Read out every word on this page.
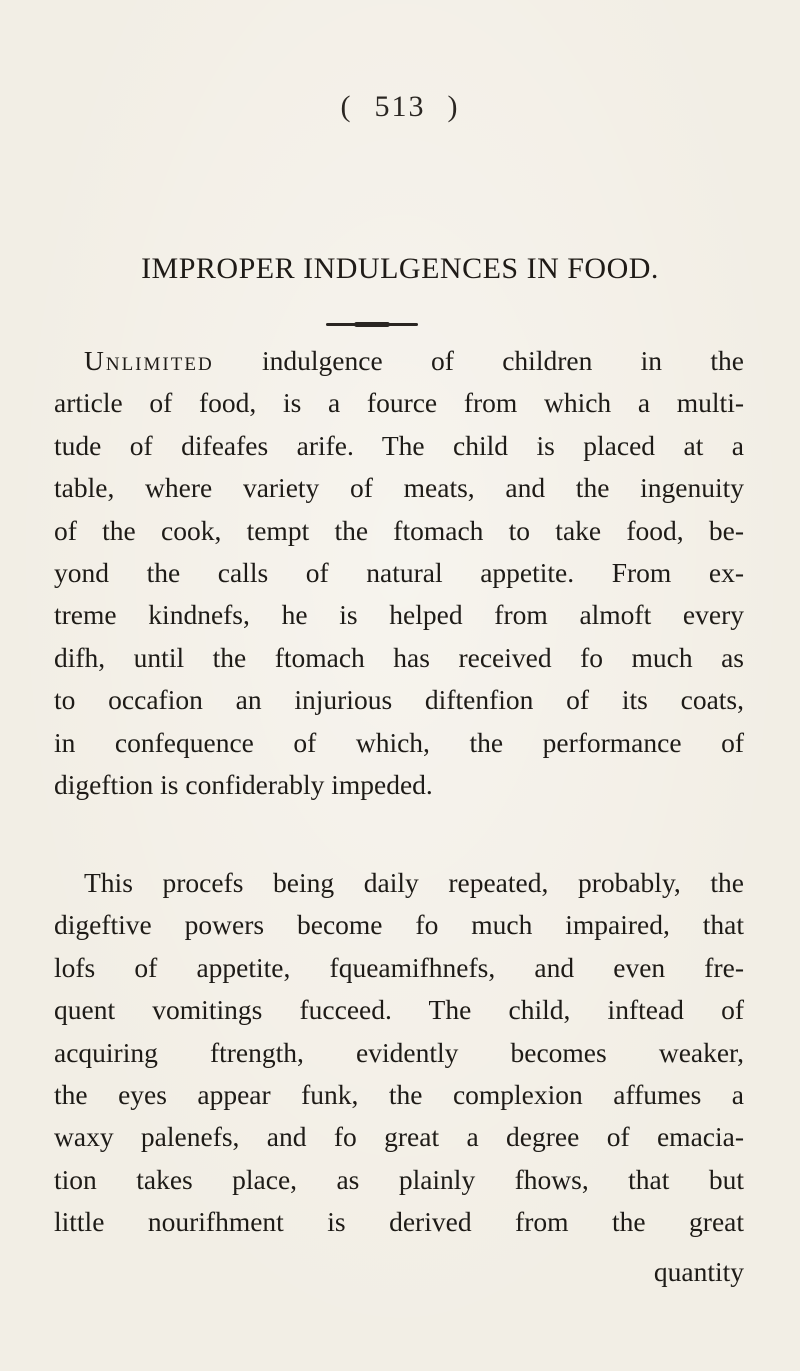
( 513 )
IMPROPER INDULGENCES IN FOOD.
Unlimited indulgence of children in the
article of food, is a fource from which a multi-
tude of difeafes arife. The child is placed at a
table, where variety of meats, and the ingenuity
of the cook, tempt the ftomach to take food, be-
yond the calls of natural appetite. From ex-
treme kindnefs, he is helped from almoft every
difh, until the ftomach has received fo much as
to occafion an injurious diftenfion of its coats,
in confequence of which, the performance of
digeftion is confiderably impeded.
This procefs being daily repeated, probably, the
digeftive powers become fo much impaired, that
lofs of appetite, fqueamifhnefs, and even fre-
quent vomitings fucceed. The child, inftead of
acquiring ftrength, evidently becomes weaker,
the eyes appear funk, the complexion affumes a
waxy palenefs, and fo great a degree of emacia-
tion takes place, as plainly fhows, that but
little nourifhment is derived from the great
quantity
